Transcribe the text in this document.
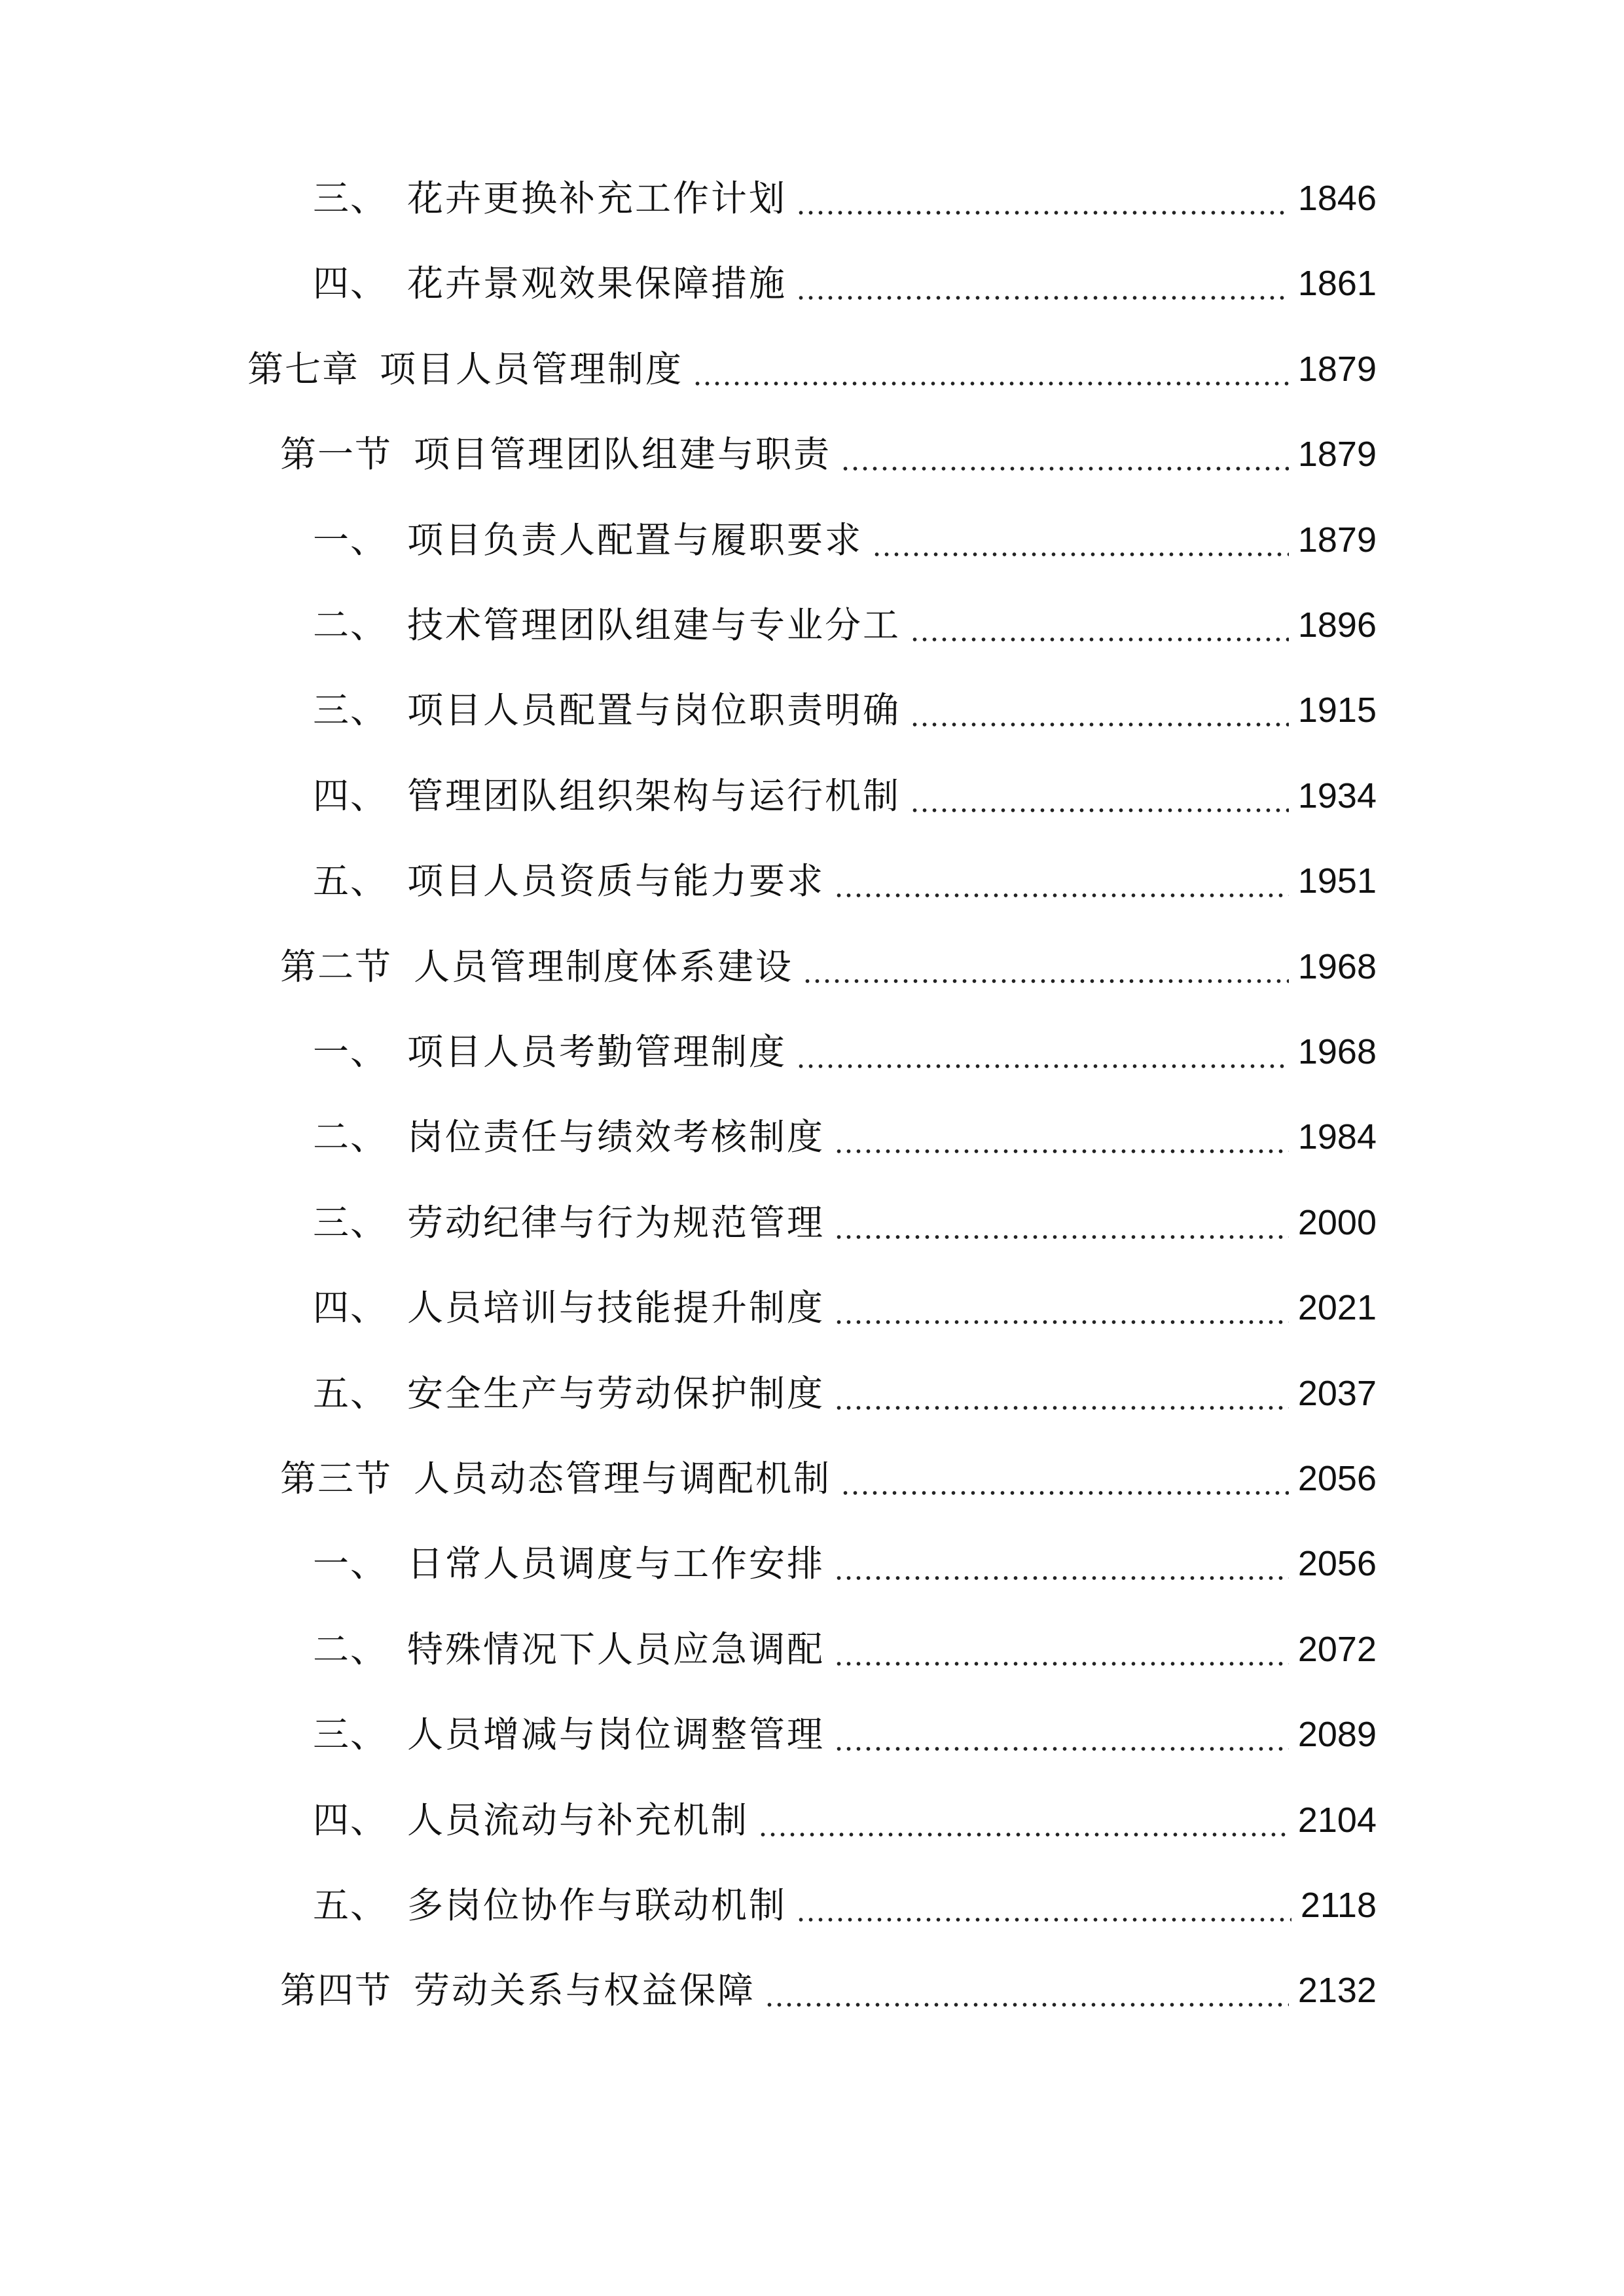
三、 花卉更换补充工作计划	1846
四、 花卉景观效果保障措施	1861
第七章 项目人员管理制度	1879
第一节 项目管理团队组建与职责	1879
一、 项目负责人配置与履职要求	1879
二、 技术管理团队组建与专业分工	1896
三、 项目人员配置与岗位职责明确	1915
四、 管理团队组织架构与运行机制	1934
五、 项目人员资质与能力要求	1951
第二节 人员管理制度体系建设	1968
一、 项目人员考勤管理制度	1968
二、 岗位责任与绩效考核制度	1984
三、 劳动纪律与行为规范管理	2000
四、 人员培训与技能提升制度	2021
五、 安全生产与劳动保护制度	2037
第三节 人员动态管理与调配机制	2056
一、 日常人员调度与工作安排	2056
二、 特殊情况下人员应急调配	2072
三、 人员增减与岗位调整管理	2089
四、 人员流动与补充机制	2104
五、 多岗位协作与联动机制	2118
第四节 劳动关系与权益保障	2132
